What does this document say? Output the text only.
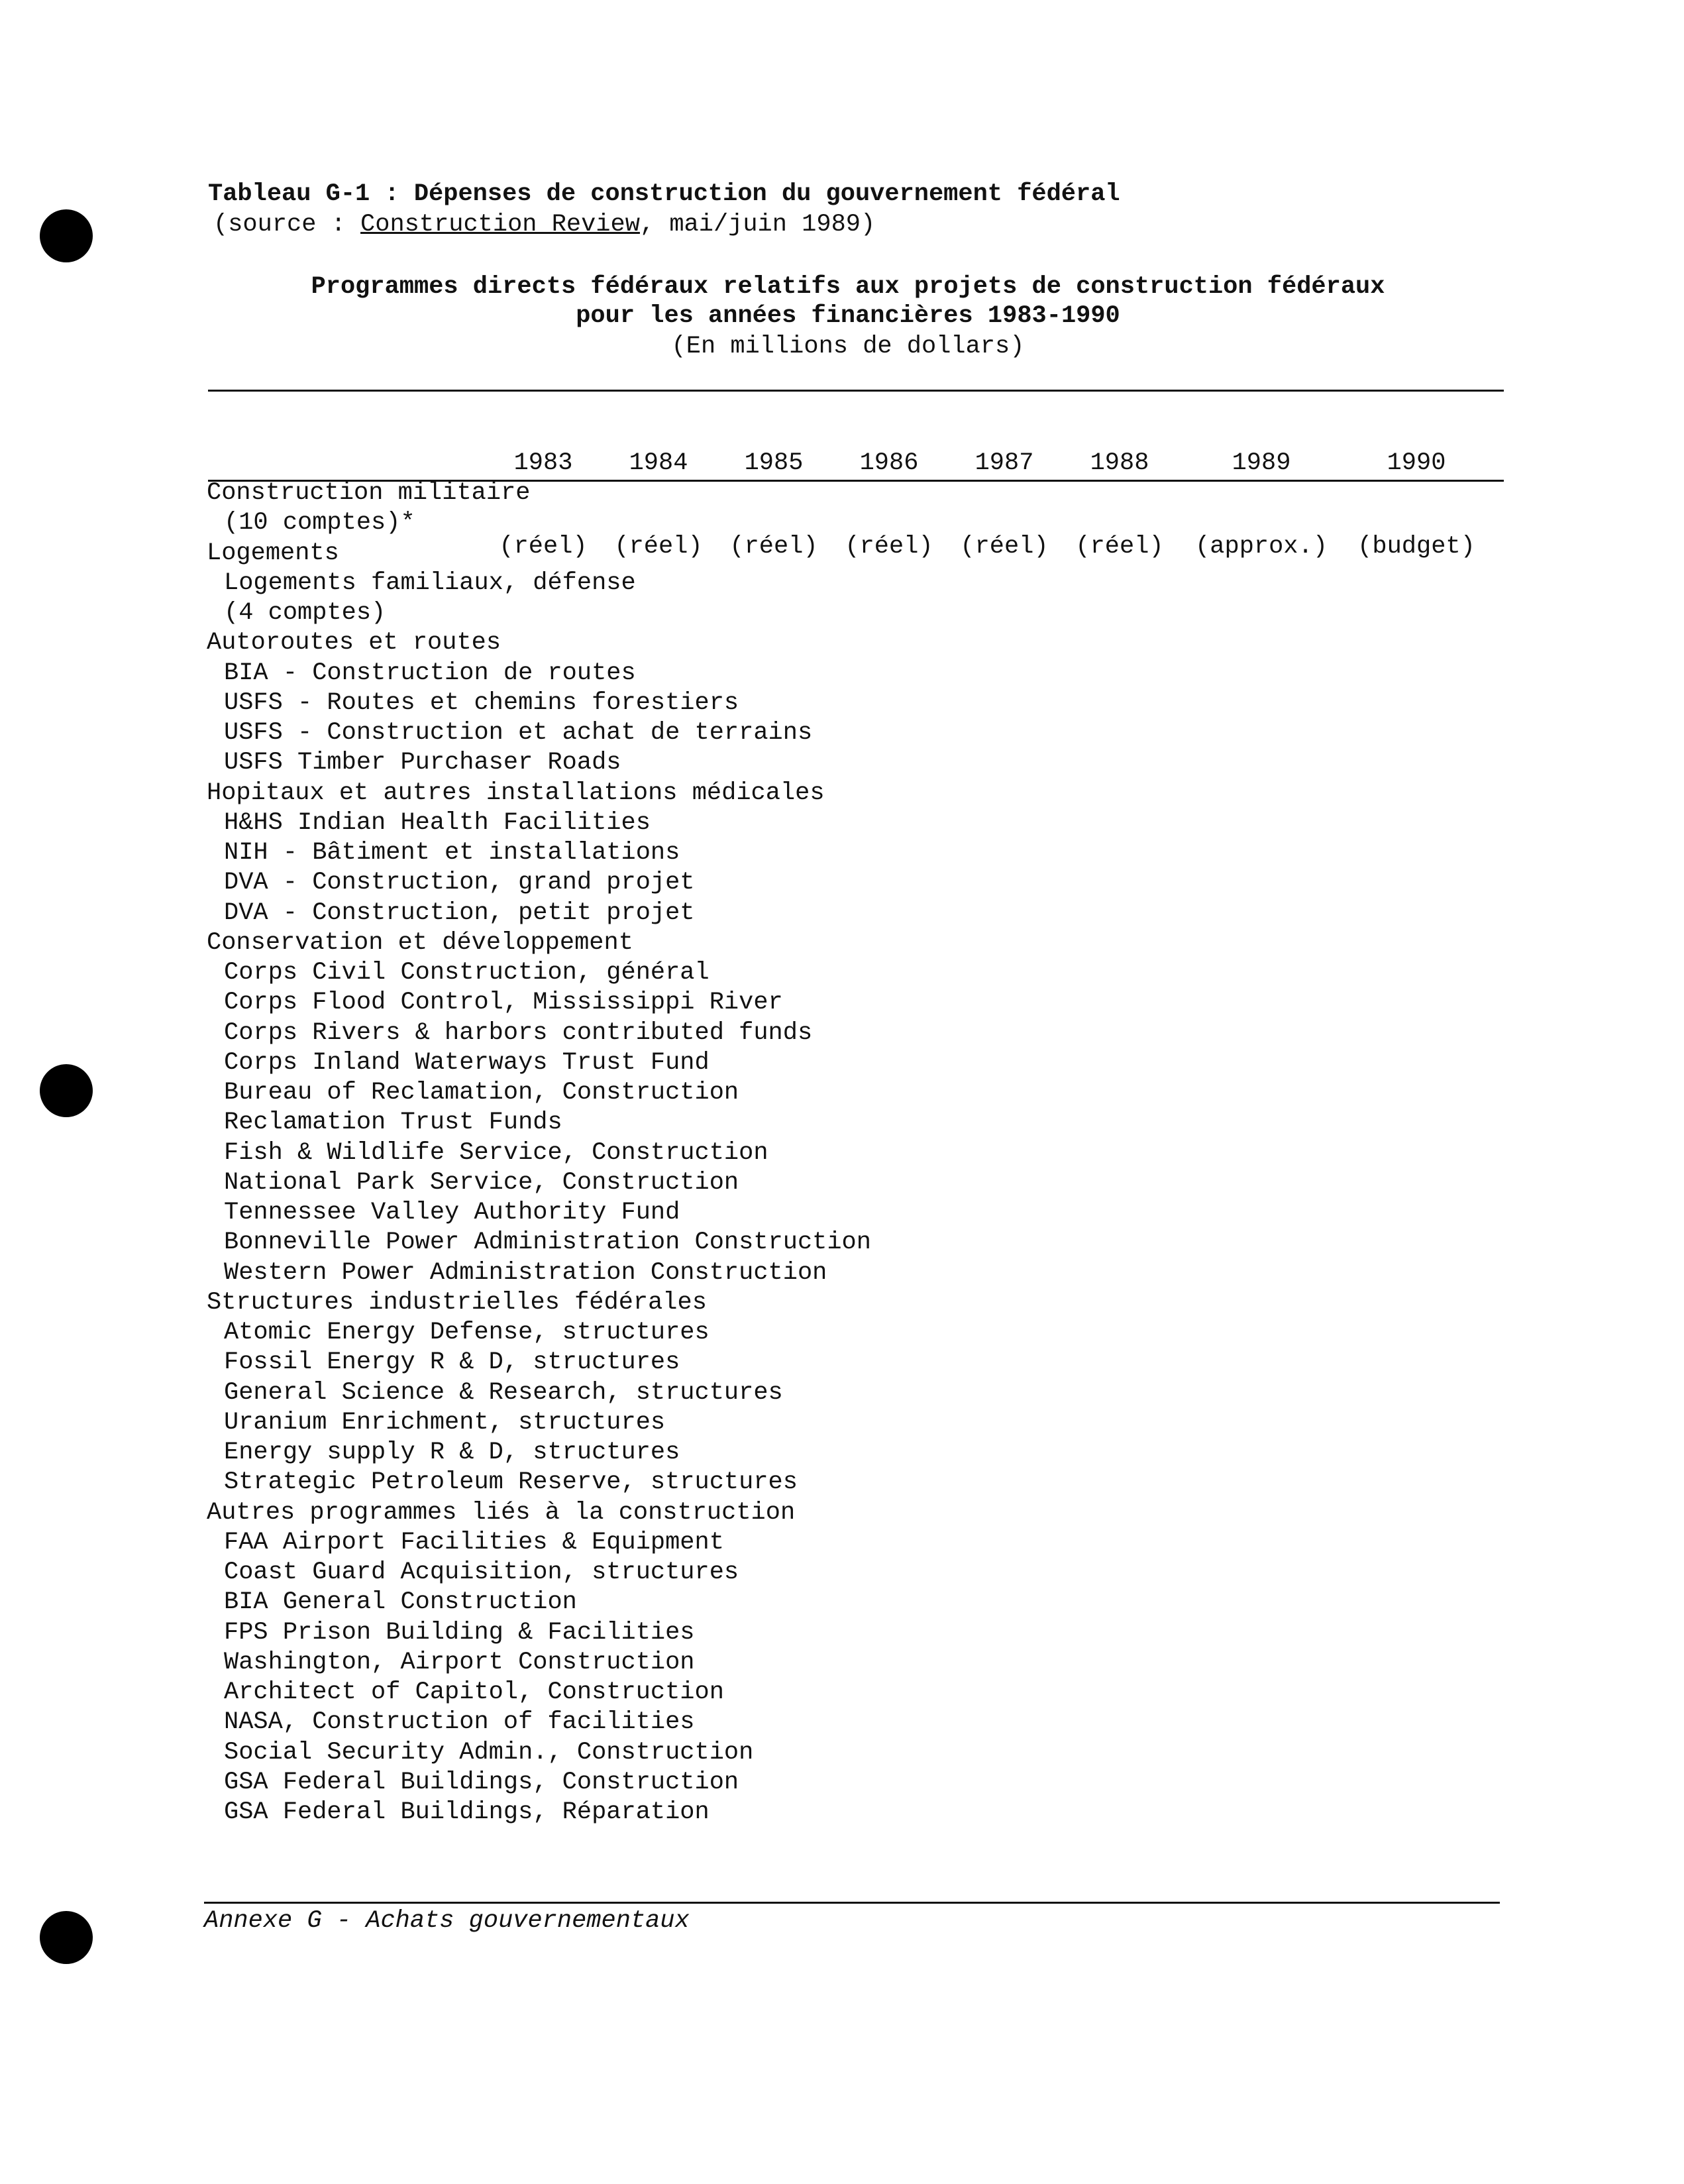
Tableau G-1 : Dépenses de construction du gouvernement fédéral
(source : Construction Review, mai/juin 1989)
Programmes directs fédéraux relatifs aux projets de construction fédéraux
pour les années financières 1983-1990
(En millions de dollars)

1983

(réel)

1984

(réel)

1985

(réel)

1986

(réel)

1987

(réel)

1988

(réel)

1989

(approx.)

1990

(budget)

Construction militaire
(10 comptes)*
Logements
Logements familiaux, défense
(4 comptes)
Autoroutes et routes
BIA - Construction de routes
USFS - Routes et chemins forestiers
USFS - Construction et achat de terrains
USFS Timber Purchaser Roads
Hopitaux et autres installations médicales
H&HS Indian Health Facilities
NIH - Bâtiment et installations
DVA - Construction, grand projet
DVA - Construction, petit projet
Conservation et développement
Corps Civil Construction, général
Corps Flood Control, Mississippi River
Corps Rivers & harbors contributed funds
Corps Inland Waterways Trust Fund
Bureau of Reclamation, Construction
Reclamation Trust Funds
Fish & Wildlife Service, Construction
National Park Service, Construction
Tennessee Valley Authority Fund
Bonneville Power Administration Construction
Western Power Administration Construction
Structures industrielles fédérales
Atomic Energy Defense, structures
Fossil Energy R & D, structures
General Science & Research, structures
Uranium Enrichment, structures
Energy supply R & D, structures
Strategic Petroleum Reserve, structures
Autres programmes liés à la construction
FAA Airport Facilities & Equipment
Coast Guard Acquisition, structures
BIA General Construction
FPS Prison Building & Facilities
Washington, Airport Construction
Architect of Capitol, Construction
NASA, Construction of facilities
Social Security Admin., Construction
GSA Federal Buildings, Construction
GSA Federal Buildings, Réparation
Annexe G - Achats gouvernementaux
